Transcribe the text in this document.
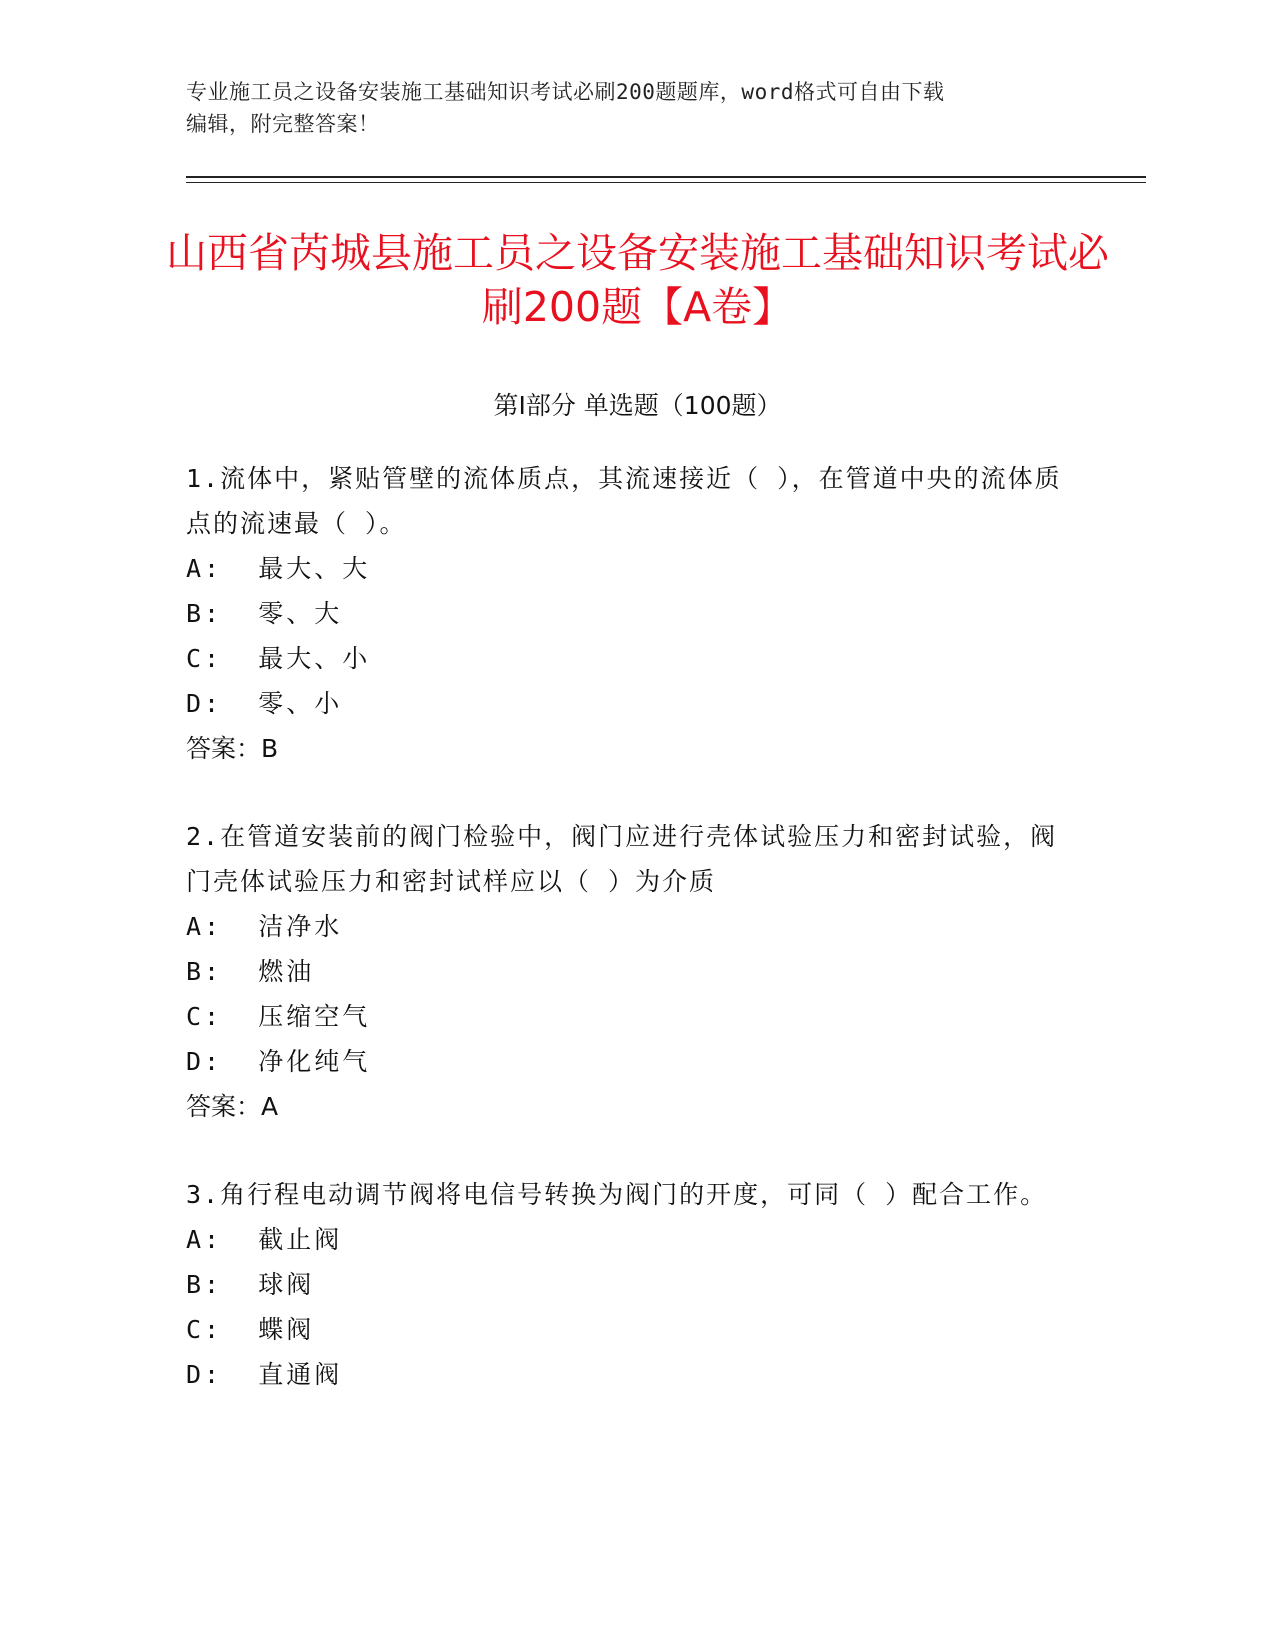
专业施工员之设备安装施工基础知识考试必刷200题题库，word格式可自由下载
编辑，附完整答案！
山西省芮城县施工员之设备安装施工基础知识考试必刷200题【A卷】
第Ⅰ部分 单选题（100题）

1.流体中，紧贴管壁的流体质点，其流速接近（ ），在管道中央的流体质点的流速最（ ）。

A:  最大、大

B:  零、大

C:  最大、小

D:  零、小

答案：B

2.在管道安装前的阀门检验中，阀门应进行壳体试验压力和密封试验，阀门壳体试验压力和密封试样应以（ ）为介质

A:  洁净水

B:  燃油

C:  压缩空气

D:  净化纯气

答案：A

3.角行程电动调节阀将电信号转换为阀门的开度，可同（ ）配合工作。

A:  截止阀

B:  球阀

C:  蝶阀

D:  直通阀
